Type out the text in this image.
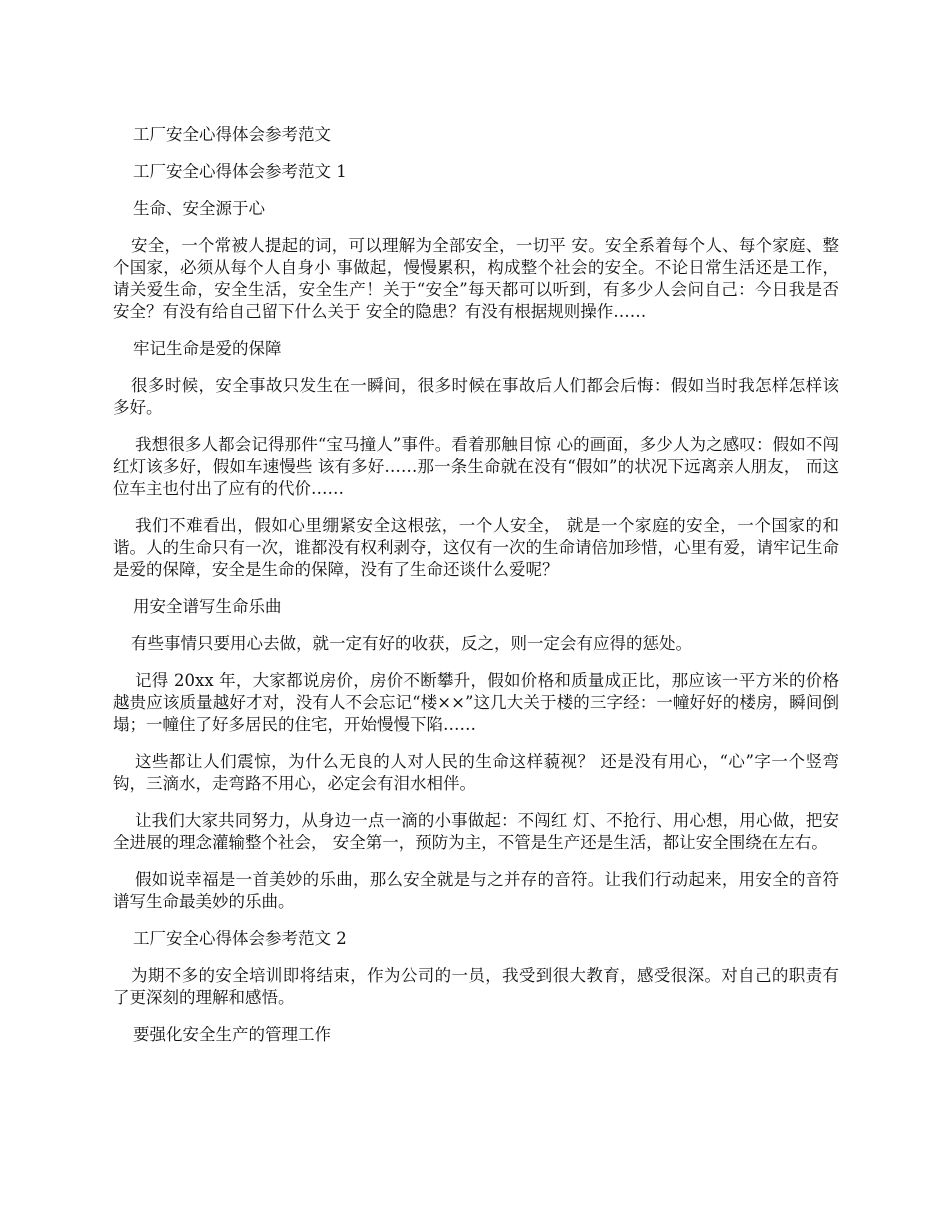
工厂安全心得体会参考范文

工厂安全心得体会参考范文 1

生命、安全源于心

安全，一个常被人提起的词，可以理解为全部安全，一切平 安。安全系着每个人、每个家庭、整个国家，必须从每个人自身小 事做起，慢慢累积，构成整个社会的安全。不论日常生活还是工作， 请关爱生命，安全生活，安全生产！关于“安全”每天都可以听到，有多少人会问自己：今日我是否安全？有没有给自己留下什么关于 安全的隐患？有没有根据规则操作……

牢记生命是爱的保障

很多时候，安全事故只发生在一瞬间，很多时候在事故后人们都会后悔：假如当时我怎样怎样该多好。

我想很多人都会记得那件“宝马撞人”事件。看着那触目惊 心的画面，多少人为之感叹：假如不闯红灯该多好，假如车速慢些 该有多好……那一条生命就在没有“假如”的状况下远离亲人朋友， 而这位车主也付出了应有的代价……

我们不难看出，假如心里绷紧安全这根弦，一个人安全， 就是一个家庭的安全，一个国家的和谐。人的生命只有一次，谁都没有权利剥夺，这仅有一次的生命请倍加珍惜，心里有爱，请牢记生命是爱的保障，安全是生命的保障，没有了生命还谈什么爱呢？

用安全谱写生命乐曲

有些事情只要用心去做，就一定有好的收获，反之，则一定会有应得的惩处。

记得 20xx 年，大家都说房价，房价不断攀升，假如价格和质量成正比，那应该一平方米的价格越贵应该质量越好才对，没有人不会忘记“楼××”这几大关于楼的三字经：一幢好好的楼房，瞬间倒塌；一幢住了好多居民的住宅，开始慢慢下陷……

这些都让人们震惊，为什么无良的人对人民的生命这样藐视？ 还是没有用心，“心”字一个竖弯钩，三滴水，走弯路不用心，必定会有泪水相伴。

让我们大家共同努力，从身边一点一滴的小事做起：不闯红 灯、不抢行、用心想，用心做，把安全进展的理念灌输整个社会， 安全第一，预防为主，不管是生产还是生活，都让安全围绕在左右。

假如说幸福是一首美妙的乐曲，那么安全就是与之并存的音符。让我们行动起来，用安全的音符谱写生命最美妙的乐曲。

工厂安全心得体会参考范文 2

为期不多的安全培训即将结束，作为公司的一员，我受到很大教育，感受很深。对自己的职责有了更深刻的理解和感悟。

要强化安全生产的管理工作
